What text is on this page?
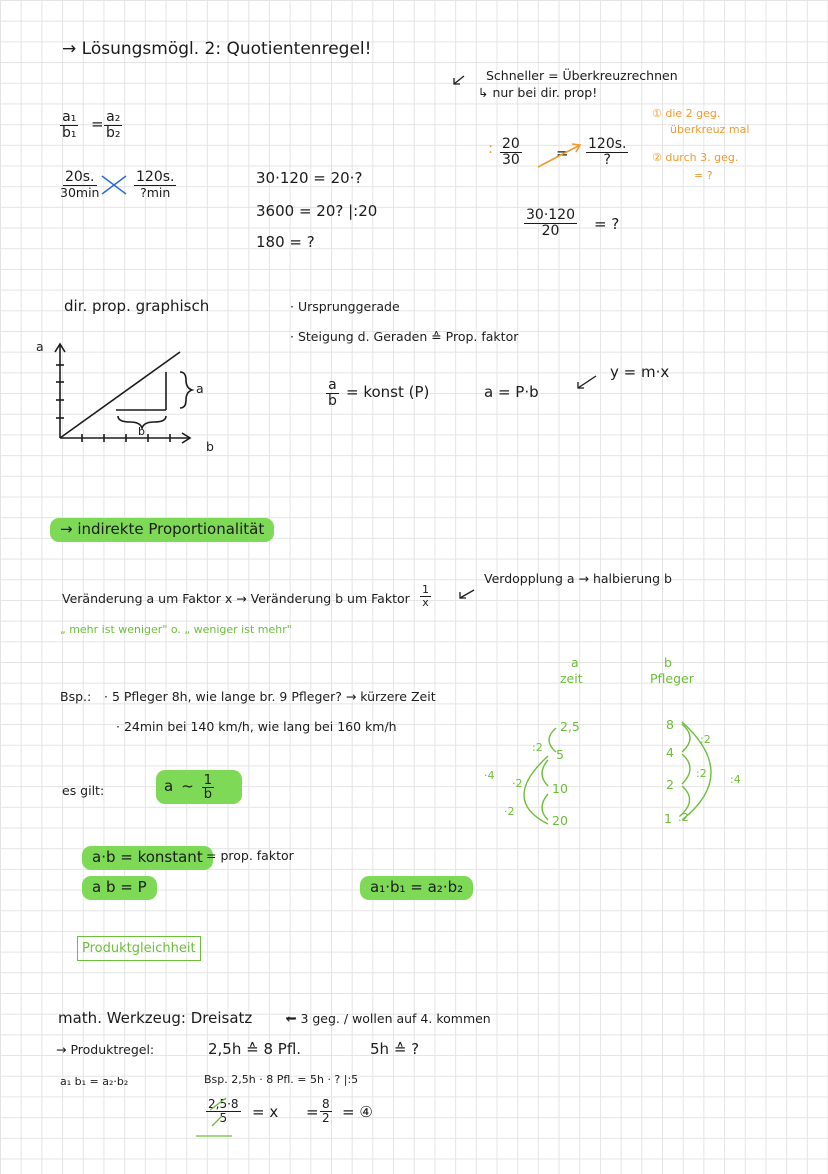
→ Lösungsmögl. 2: Quotientenregel!
$\frac{\text{a₁}}{\text{b₁}} = \frac{\text{a₂}}{\text{b₂}}$
20s.
30min
120s.
?min
30·120 = 20·?
3600 = 20? |:20
180 = ?
Schneller = Überkreuzrechnen
↳ nur bei dir. prop!
: $\frac{20}{30} = 120s$.
?
① die 2 geg.
überkreuz mal
② durch 3. geg.
= ?
$\frac{30\cdot 120}{20}$ = ?
dir. prop. graphisch	· Ursprunggerade
· Steigung d. Geraden ≙ Prop. faktor
$\frac{a}{b}$ = konst (P)	a = P·b
y = m·x
a
b
a
b
→ indirekte Proportionalität
Veränderung a um Faktor x → Veränderung b um Faktor $\frac{1}{x}$
Verdopplung a → halbierung b
„ mehr ist weniger" o. „ weniger ist mehr"
a
zeit
b
Pfleger
Bsp.: · 5 Pfleger 8h, wie lange br. 9 Pfleger? → kürzere Zeit
· 24min bei 140 km/h, wie lang bei 160 km/h	2,5
5
10
20
:2
·2
·2
·4
8
4
2
1
:2
:2
:2
:4
es gilt:	a ~ 1
b
a·b = konstant = prop. faktor
a b = P	a₁·b₁ = a₂·b₂
Produktgleichheit
math. Werkzeug: Dreisatz	← 3 geg. / wollen auf 4. kommen
→ Produktregel:	2,5h ≙ 8 Pfl.	5h ≙ ?
a₁ b₁ = a₂·b₂	Bsp. 2,5h · 8 Pfl. = 5h · ? |:5
$\frac{2,5\cdot 8}{5} = x = \frac{8}{2}$ = ④
